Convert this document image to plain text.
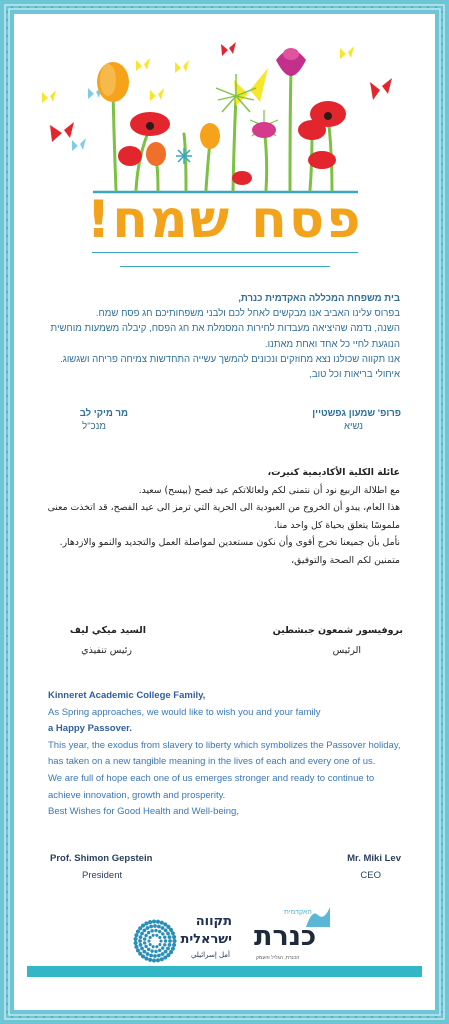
פסח שמח!
בית משפחת המכללה האקדמית כנרת,
בפרוס עלינו האביב אנו מבקשים לאחל לכם ולבני משפחותיכם חג פסח שמח.
השנה, נדמה שהיציאה מעבדות לחירות המסמלת את חג הפסח, קיבלה משמעות מוחשית הנוגעת לחיי כל אחד ואחת מאתנו.
אנו תקווה שכולנו נצא מחוזקים ונכונים להמשך עשייה התחדשות צמיחה פריחה ושגשוג.
איחולי בריאות וכל טוב,
פרופ' שמעון גפשטיין
נשיא
מר מיקי לב
מנכ"ל
عائلة الكلية الأكاديمية كنيرت،
مع اطلالة الربيع نود أن نتمنى لكم ولعائلاتكم عيد فصح (بيسح) سعيد.
هذا العام، يبدو أن الخروج من العبودية الى الحرية التي ترمز الى عيد الفصح، قد اتخذت معنى ملموسًا يتعلق بحياة كل واحد منا.
نأمل بأن جميعنا نخرج أقوى وأن نكون مستعدين لمواصلة العمل والتجديد والنمو والازدهار.
متمنين لكم الصحة والتوفيق،
بروفيسور شمعون جبشطين
الرئيس
السيد ميكي ليف
رئيس تنفيذي
Kinneret Academic College Family,
As Spring approaches, we would like to wish you and your family
a Happy Passover.
This year, the exodus from slavery to liberty which symbolizes the Passover holiday, has taken on a new tangible meaning in the lives of each and every one of us.
We are full of hope each one of us emerges stronger and ready to continue to achieve innovation, growth and prosperity.
Best Wishes for Good Health and Well-being,
Prof. Shimon Gepstein
President
Mr. Miki Lev
CEO
האקדמית
כנרת
הכנרת, הגליל והעמק
תקווה
ישראלית
أمل إسرائيلي
